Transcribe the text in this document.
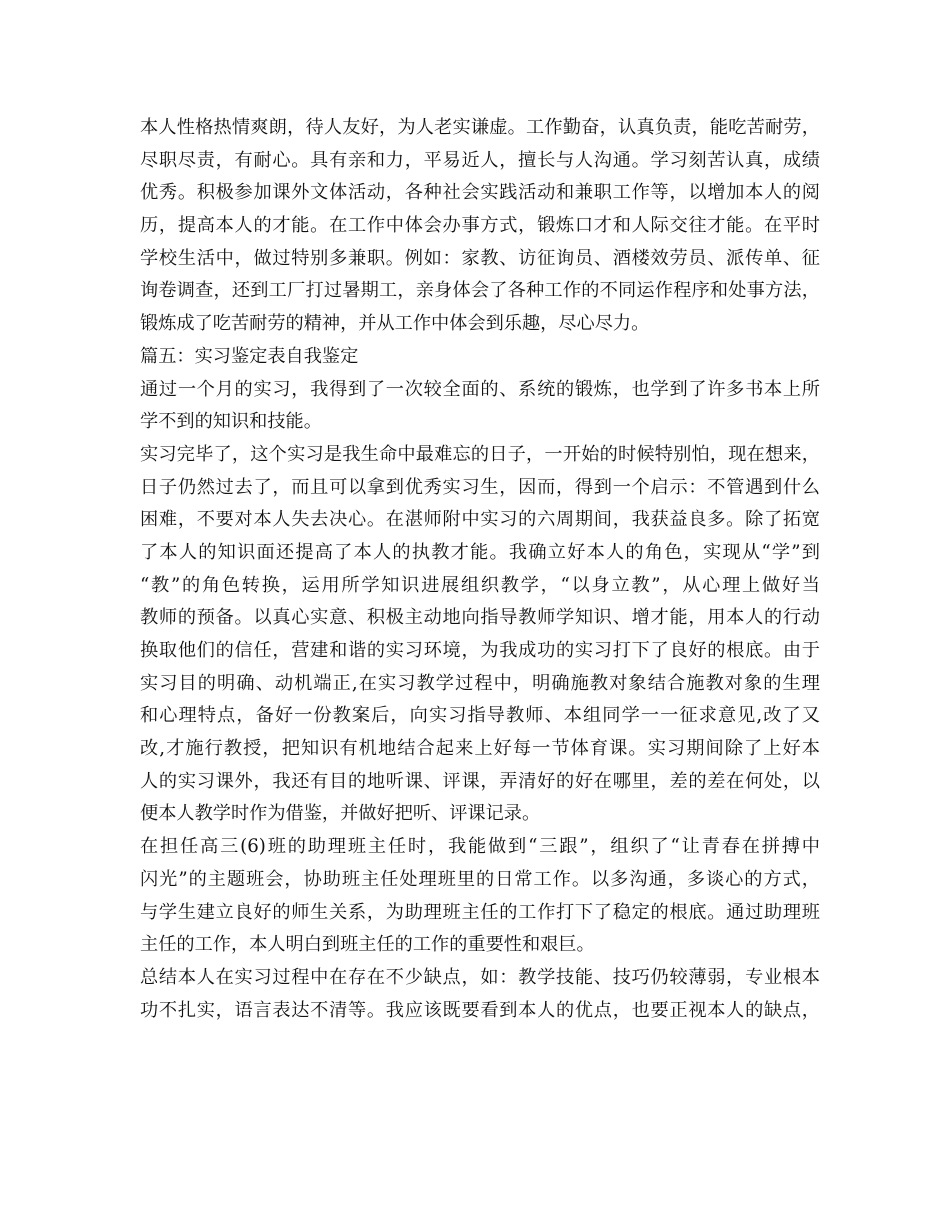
本人性格热情爽朗，待人友好，为人老实谦虚。工作勤奋，认真负责，能吃苦耐劳，
尽职尽责，有耐心。具有亲和力，平易近人，擅长与人沟通。学习刻苦认真，成绩
优秀。积极参加课外文体活动，各种社会实践活动和兼职工作等，以增加本人的阅
历，提高本人的才能。在工作中体会办事方式，锻炼口才和人际交往才能。在平时
学校生活中，做过特别多兼职。例如：家教、访征询员、酒楼效劳员、派传单、征
询卷调查，还到工厂打过暑期工，亲身体会了各种工作的不同运作程序和处事方法，
锻炼成了吃苦耐劳的精神，并从工作中体会到乐趣，尽心尽力。
篇五：实习鉴定表自我鉴定
通过一个月的实习，我得到了一次较全面的、系统的锻炼，也学到了许多书本上所
学不到的知识和技能。
实习完毕了，这个实习是我生命中最难忘的日子，一开始的时候特别怕，现在想来，
日子仍然过去了，而且可以拿到优秀实习生，因而，得到一个启示：不管遇到什么
困难，不要对本人失去决心。在湛师附中实习的六周期间，我获益良多。除了拓宽
了本人的知识面还提高了本人的执教才能。我确立好本人的角色，实现从“学”到
“教”的角色转换，运用所学知识进展组织教学，“以身立教”，从心理上做好当
教师的预备。以真心实意、积极主动地向指导教师学知识、增才能，用本人的行动
换取他们的信任，营建和谐的实习环境，为我成功的实习打下了良好的根底。由于
实习目的明确、动机端正,在实习教学过程中，明确施教对象结合施教对象的生理
和心理特点，备好一份教案后，向实习指导教师、本组同学一一征求意见,改了又
改,才施行教授，把知识有机地结合起来上好每一节体育课。实习期间除了上好本
人的实习课外，我还有目的地听课、评课，弄清好的好在哪里，差的差在何处，以
便本人教学时作为借鉴，并做好把听、评课记录。
在担任高三(6)班的助理班主任时，我能做到“三跟”，组织了“让青春在拼搏中
闪光”的主题班会，协助班主任处理班里的日常工作。以多沟通，多谈心的方式，
与学生建立良好的师生关系，为助理班主任的工作打下了稳定的根底。通过助理班
主任的工作，本人明白到班主任的工作的重要性和艰巨。
总结本人在实习过程中在存在不少缺点，如：教学技能、技巧仍较薄弱，专业根本
功不扎实，语言表达不清等。我应该既要看到本人的优点，也要正视本人的缺点，
